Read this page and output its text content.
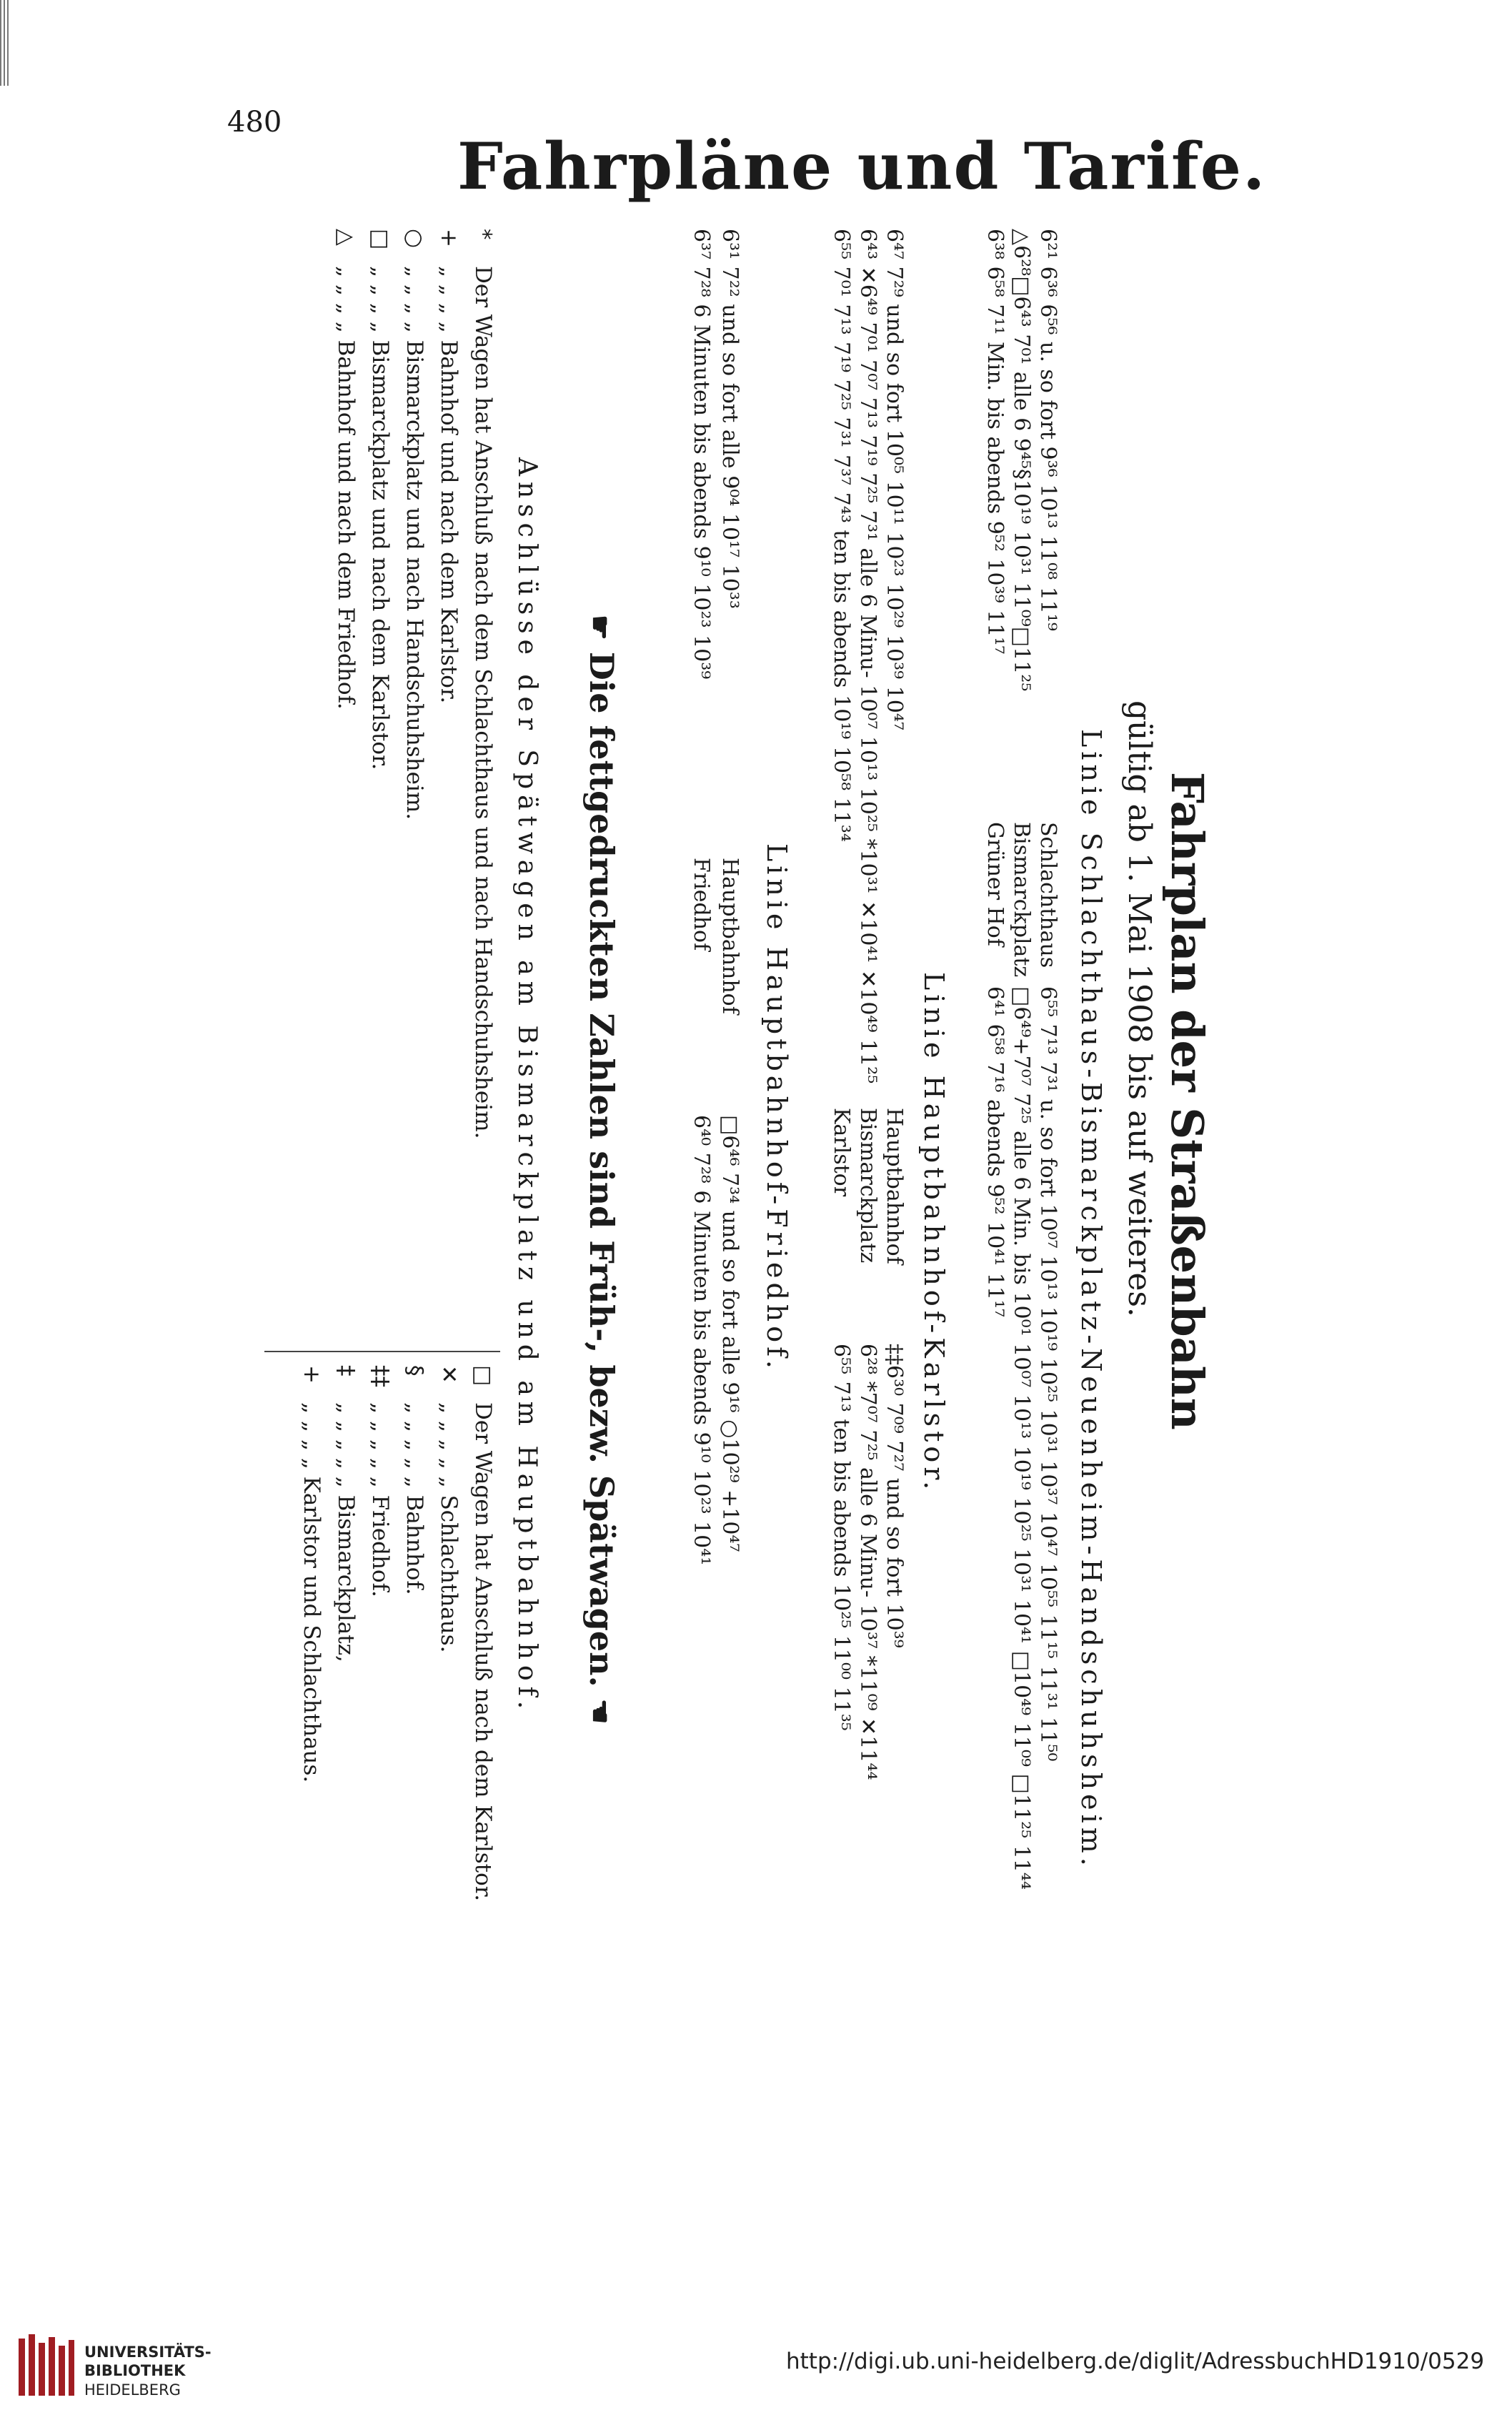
480
Fahrpläne und Tarife.
Fahrplan der Straßenbahn
gültig ab 1. Mai 1908 bis auf weiteres.
Linie Schlachthaus-Bismarckplatz-Neuenheim-Handschuhsheim.
6²¹ 6³⁶ 6⁵⁶ u. so fort 9³⁶ 10¹³ 11⁰⁸ 11¹⁹
△6²⁸□6⁴³ 7⁰¹ alle 6 9⁴⁵§10¹⁹ 10³¹ 11⁰⁹□11²⁵
6³⁸ 6⁵⁸ 7¹¹ Min. bis abends 9⁵² 10³⁹ 11¹⁷
Schlachthaus
Bismarckplatz
Grüner Hof
6⁵⁵ 7¹³ 7³¹ u. so fort 10⁰⁷ 10¹³ 10¹⁹ 10²⁵ 10³¹ 10³⁷ 10⁴⁷ 10⁵⁵ 11¹⁵ 11³¹ 11⁵⁰
□6⁴⁹+7⁰⁷ 7²⁵ alle 6 Min. bis 10⁰¹ 10⁰⁷ 10¹³ 10¹⁹ 10²⁵ 10³¹ 10⁴¹ □10⁴⁹ 11⁰⁹ □11²⁵ 11⁴⁴
6⁴¹ 6⁵⁸ 7¹⁶ abends 9⁵² 10⁴¹ 11¹⁷
Linie Hauptbahnhof-Karlstor.
6⁴⁷ 7²⁹ und so fort 10⁰⁵ 10¹¹ 10²³ 10²⁹ 10³⁹ 10⁴⁷
6⁴³ ✕6⁴⁹ 7⁰¹ 7⁰⁷ 7¹³ 7¹⁹ 7²⁵ 7³¹ alle 6 Minu- 10⁰⁷ 10¹³ 10²⁵ *10³¹ ✕10⁴¹ ✕10⁴⁹ 11²⁵
6⁵⁵ 7⁰¹ 7¹³ 7¹⁹ 7²⁵ 7³¹ 7³⁷ 7⁴³ ten bis abends 10¹⁹ 10⁵⁸ 11³⁴
Hauptbahnhof
Bismarckplatz
Karlstor
‡‡6³⁰ 7⁰⁹ 7²⁷ und so fort 10³⁹
6²⁸ *7⁰⁷ 7²⁵ alle 6 Minu- 10³⁷ *11⁰⁹ ✕11⁴⁴
6⁵⁵ 7¹³ ten bis abends 10²⁵ 11⁰⁰ 11³⁵
Linie Hauptbahnhof-Friedhof.
6³¹ 7²² und so fort alle 9⁰⁴ 10¹⁷ 10³³
6³⁷ 7²⁸ 6 Minuten bis abends 9¹⁰ 10²³ 10³⁹
Hauptbahnhof
Friedhof
□6⁴⁶ 7³⁴ und so fort alle 9¹⁶ ○10²⁹ +10⁴⁷
6⁴⁰ 7²⁸ 6 Minuten bis abends 9¹⁰ 10²³ 10⁴¹
☛ Die fettgedruckten Zahlen sind Früh-, bezw. Spätwagen. ☚
Anschlüsse der Spätwagen am Bismarckplatz und am Hauptbahnhof.
*Der Wagen hat Anschluß nach dem Schlachthaus und nach Handschuhsheim.
+„ „ „ „ Bahnhof und nach dem Karlstor.
○„ „ „ „ Bismarckplatz und nach Handschuhsheim.
□„ „ „ „ Bismarckplatz und nach dem Karlstor.
△„ „ „ „ Bahnhof und nach dem Friedhof.
□Der Wagen hat Anschluß nach dem Karlstor.
✕„ „ „ „ „ Schlachthaus.
§„ „ „ „ „ Bahnhof.
‡‡„ „ „ „ „ Friedhof.
‡„ „ „ „ „ Bismarckplatz,
+„ „ „ „ Karlstor und Schlachthaus.
UNIVERSITÄTS-
BIBLIOTHEK
HEIDELBERG
http://digi.ub.uni-heidelberg.de/diglit/AdressbuchHD1910/0529
